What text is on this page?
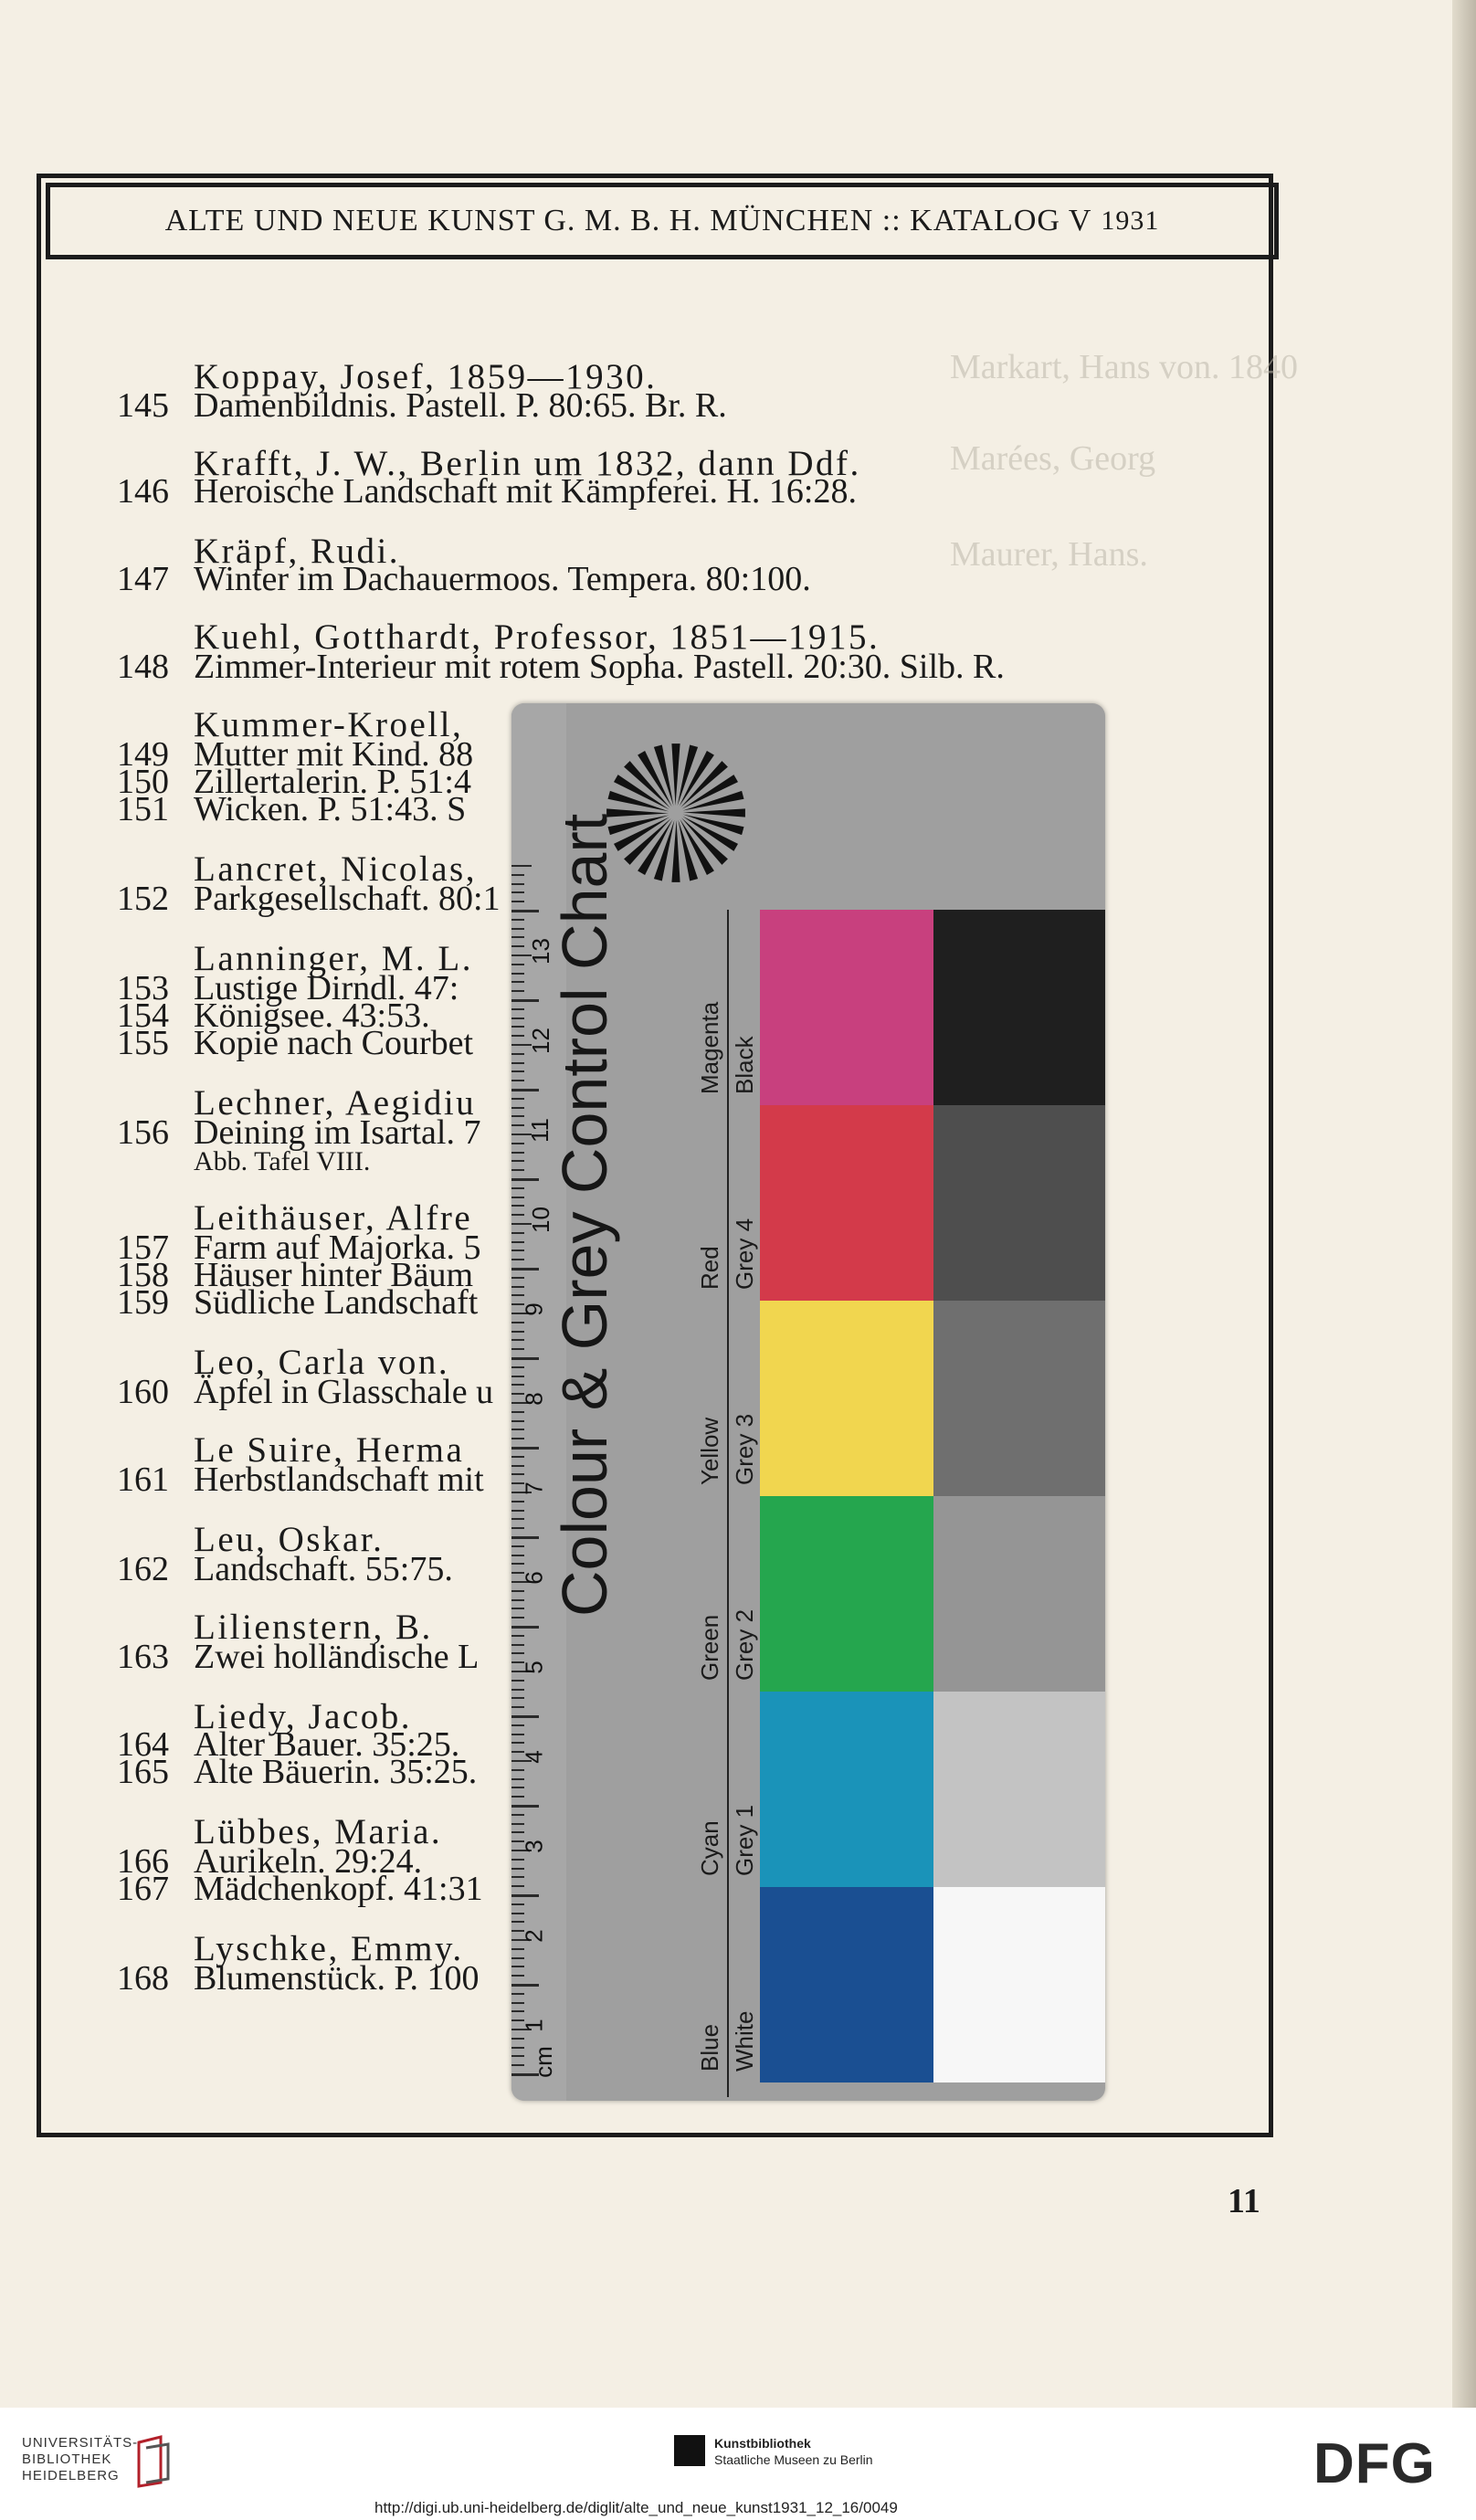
ALTE UND NEUE KUNST G. M. B. H. MÜNCHEN :: KATALOG V 1931
Markart, Hans von. 1840
Marées, Georg
Maurer, Hans.
Koppay, Josef, 1859—1930.
145 Damenbildnis. Pastell. P. 80:65. Br. R.
Krafft, J. W., Berlin um 1832, dann Ddf.
146 Heroische Landschaft mit Kämpferei. H. 16:28.
Kräpf, Rudi.
147 Winter im Dachauermoos. Tempera. 80:100.
Kuehl, Gotthardt, Professor, 1851—1915.
148 Zimmer-Interieur mit rotem Sopha. Pastell. 20:30. Silb. R.
Kummer-Kroell,
149 Mutter mit Kind. 88
150 Zillertalerin. P. 51:4
151 Wicken. P. 51:43. S
Lancret, Nicolas,
152 Parkgesellschaft. 80:1
Lanninger, M. L.
153 Lustige Dirndl. 47:
154 Königsee. 43:53.
155 Kopie nach Courbet
Lechner, Aegidiu
156 Deining im Isartal. 7
Abb. Tafel VIII.
Leithäuser, Alfre
157 Farm auf Majorka. 5
158 Häuser hinter Bäum
159 Südliche Landschaft
Leo, Carla von.
160 Äpfel in Glasschale u
Le Suire, Herma
161 Herbstlandschaft mit
Leu, Oskar.
162 Landschaft. 55:75.
Lilienstern, B.
163 Zwei holländische L
Liedy, Jacob.
164 Alter Bauer. 35:25.
165 Alte Bäuerin. 35:25.
Lübbes, Maria.
166 Aurikeln. 29:24.
167 Mädchenkopf. 41:31
Lyschke, Emmy.
168 Blumenstück. P. 100
11
cm
1
2
3
4
5
6
7
8
9
10
11
12
13
Colour & Grey Control Chart	Magenta
Red
Yellow
Green
Cyan
Blue
Black
Grey 4
Grey 3
Grey 2
Grey 1
White
UNIVERSITÄTS-
BIBLIOTHEK
HEIDELBERG
Kunstbibliothek
Staatliche Museen zu Berlin	DFG
http://digi.ub.uni-heidelberg.de/diglit/alte_und_neue_kunst1931_12_16/0049
